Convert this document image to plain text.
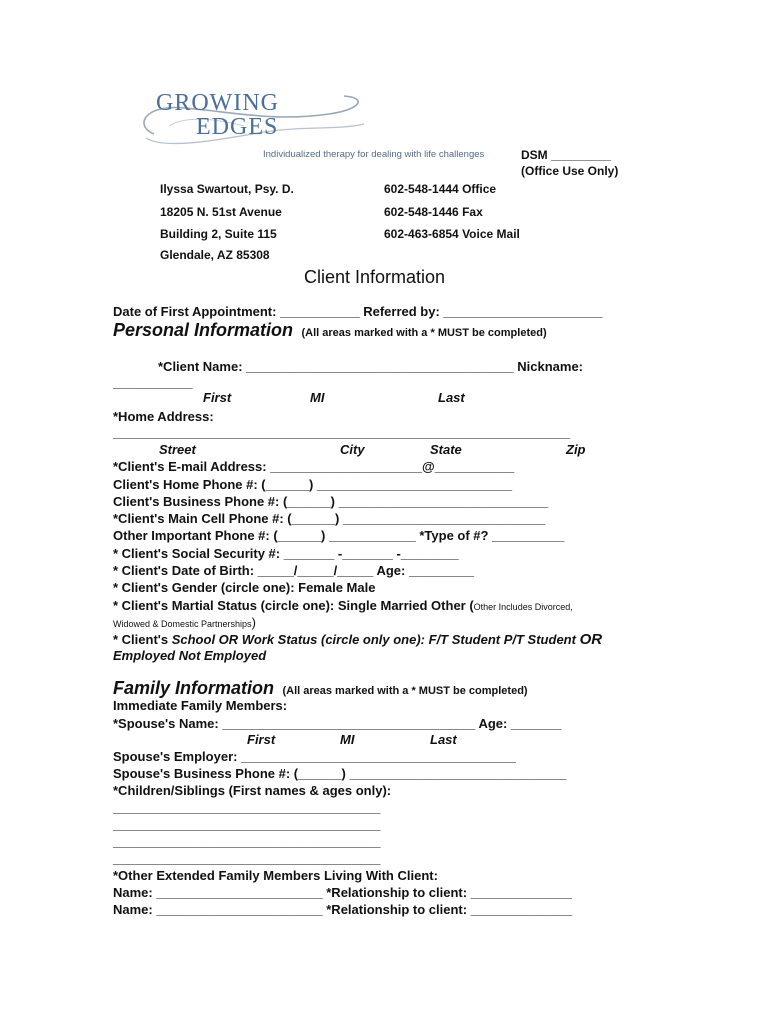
GROWING
EDGES
Individualized therapy for dealing with life challenges	DSM _________
(Office Use Only)
Ilyssa Swartout, Psy. D.
18205 N. 51st Avenue
Building 2, Suite 115
Glendale, AZ 85308
602-548-1444 Office
602-548-1446 Fax
602-463-6854 Voice Mail
Client Information
Date of First Appointment: ___________ Referred by: ______________________
Personal Information (All areas marked with a * MUST be completed)
*Client Name: _____________________________________ Nickname:
___________
First	MI	Last
*Home Address:
_________________________________________________________________
Street	City	State	Zip
*Client's E-mail Address: _____________________@___________
Client's Home Phone #: (______) ___________________________
Client's Business Phone #: (______) _____________________________
*Client's Main Cell Phone #: (______) ____________________________
Other Important Phone #: (______) ____________ *Type of #? __________
* Client's Social Security #: _______ -_______ -________
* Client's Date of Birth: _____/_____/_____ Age: _________
* Client's Gender (circle one): Female Male
* Client's Martial Status (circle one): Single Married Other (Other Includes Divorced,
Widowed & Domestic Partnerships)
* Client's School OR Work Status (circle only one): F/T Student P/T Student OR
Employed Not Employed
Family Information (All areas marked with a * MUST be completed)
Immediate Family Members:
*Spouse's Name: ___________________________________ Age: _______
First	MI	Last
Spouse's Employer: ______________________________________
Spouse's Business Phone #: (______) ______________________________
*Children/Siblings (First names & ages only):
_____________________________________
_____________________________________
_____________________________________
_____________________________________
*Other Extended Family Members Living With Client:
Name: _______________________ *Relationship to client: ______________
Name: _______________________ *Relationship to client: ______________
